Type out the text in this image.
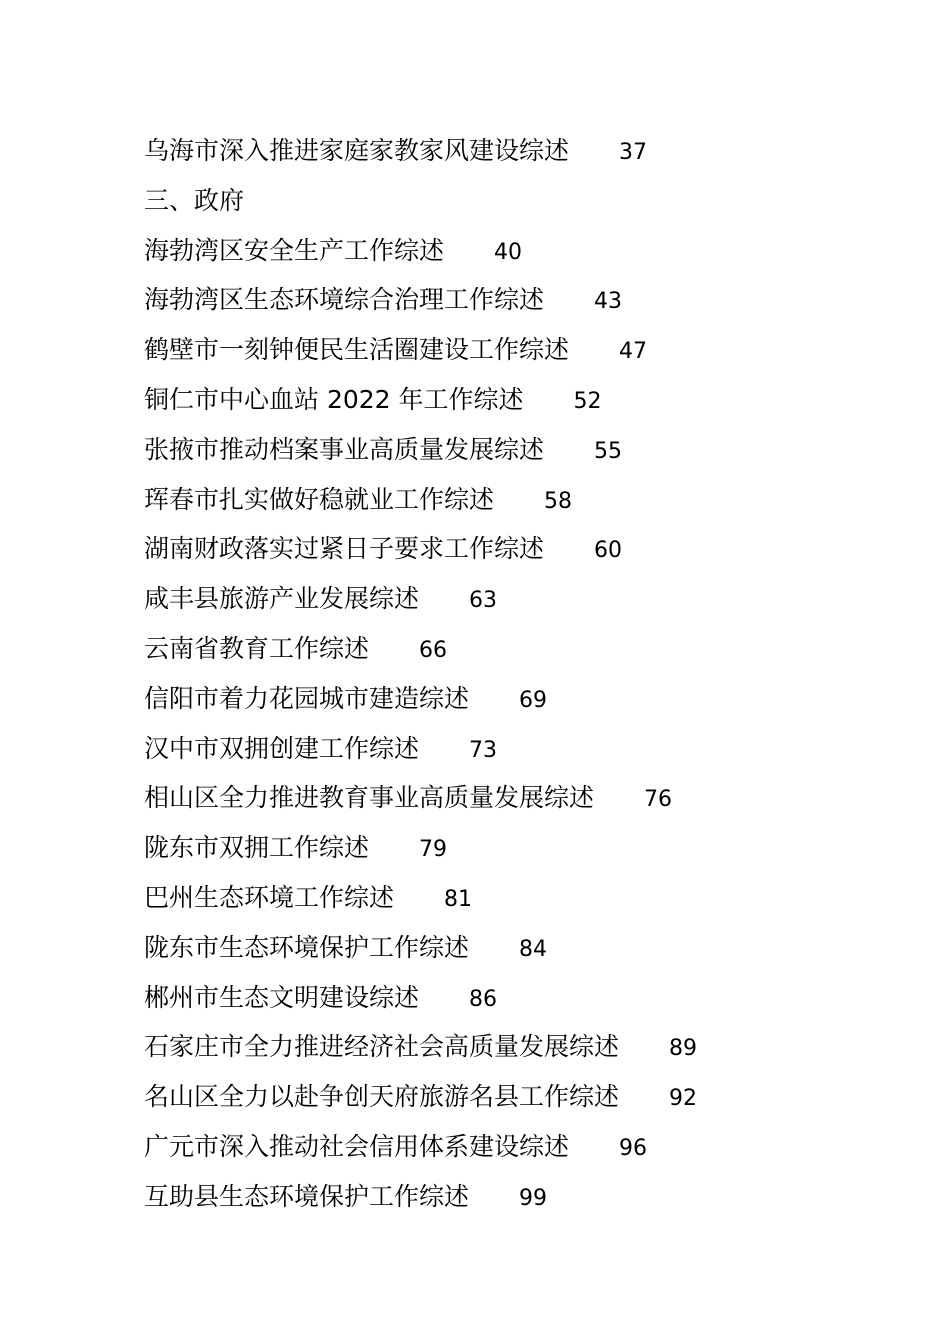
乌海市深入推进家庭家教家风建设综述 37
三、政府
海勃湾区安全生产工作综述 40
海勃湾区生态环境综合治理工作综述 43
鹤壁市一刻钟便民生活圈建设工作综述 47
铜仁市中心血站 2022 年工作综述 52
张掖市推动档案事业高质量发展综述 55
珲春市扎实做好稳就业工作综述 58
湖南财政落实过紧日子要求工作综述 60
咸丰县旅游产业发展综述 63
云南省教育工作综述 66
信阳市着力花园城市建造综述 69
汉中市双拥创建工作综述 73
相山区全力推进教育事业高质量发展综述 76
陇东市双拥工作综述 79
巴州生态环境工作综述 81
陇东市生态环境保护工作综述 84
郴州市生态文明建设综述 86
石家庄市全力推进经济社会高质量发展综述 89
名山区全力以赴争创天府旅游名县工作综述 92
广元市深入推动社会信用体系建设综述 96
互助县生态环境保护工作综述 99
